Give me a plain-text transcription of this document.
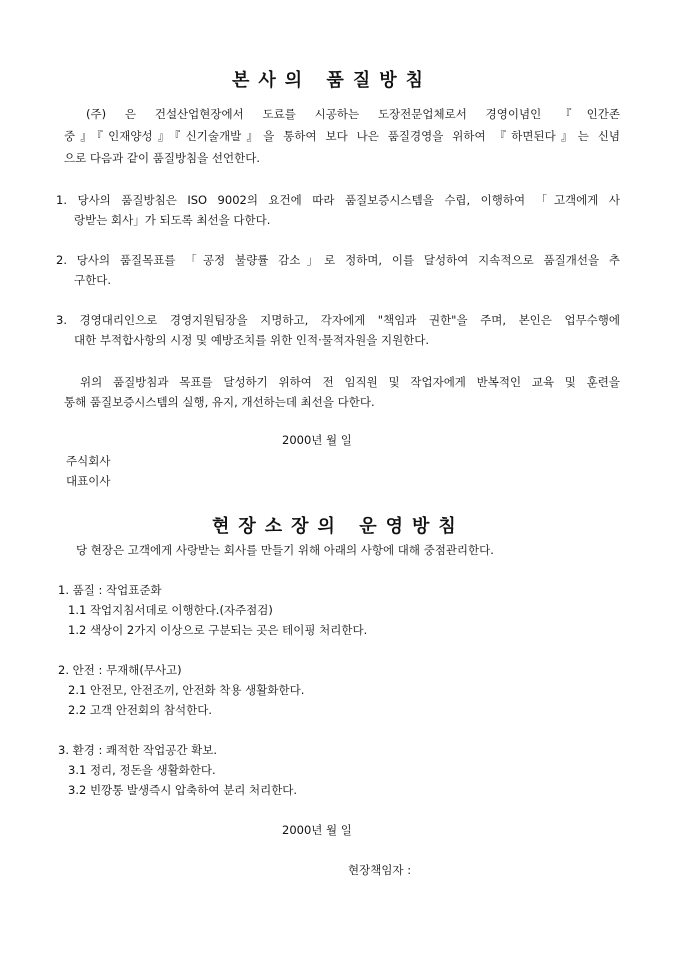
본사의 품질방침
(주) 은 건설산업현장에서 도료를 시공하는 도장전문업체로서 경영이념인 『인간존
중』『인재양성』『신기술개발』을 통하여 보다 나은 품질경영을 위하여 『하면된다』는 신념
으로 다음과 같이 품질방침을 선언한다.
1. 당사의 품질방침은 ISO 9002의 요건에 따라 품질보증시스템을 수립, 이행하여 「고객에게 사
랑받는 회사」가 되도록 최선을 다한다.
2. 당사의 품질목표를 「공정 불량률 감소」로 정하며, 이를 달성하여 지속적으로 품질개선을 추
구한다.
3. 경영대리인으로 경영지원팀장을 지명하고, 각자에게 "책임과 권한"을 주며, 본인은 업무수행에
대한 부적합사항의 시정 및 예방조치를 위한 인적·물적자원을 지원한다.
위의 품질방침과 목표를 달성하기 위하여 전 임직원 및 작업자에게 반복적인 교육 및 훈련을
통해 품질보증시스템의 실행, 유지, 개선하는데 최선을 다한다.
2000년 월 일
주식회사
대표이사
현장소장의 운영방침
당 현장은 고객에게 사랑받는 회사를 만들기 위해 아래의 사항에 대해 중점관리한다.
1. 품질 : 작업표준화
1.1 작업지침서데로 이행한다.(자주점검)
1.2 색상이 2가지 이상으로 구분되는 곳은 테이핑 처리한다.
2. 안전 : 무재해(무사고)
2.1 안전모, 안전조끼, 안전화 착용 생활화한다.
2.2 고객 안전회의 참석한다.
3. 환경 : 쾌적한 작업공간 확보.
3.1 정리, 정돈을 생활화한다.
3.2 빈깡통 발생즉시 압축하여 분리 처리한다.
2000년 월 일
현장책임자 :
